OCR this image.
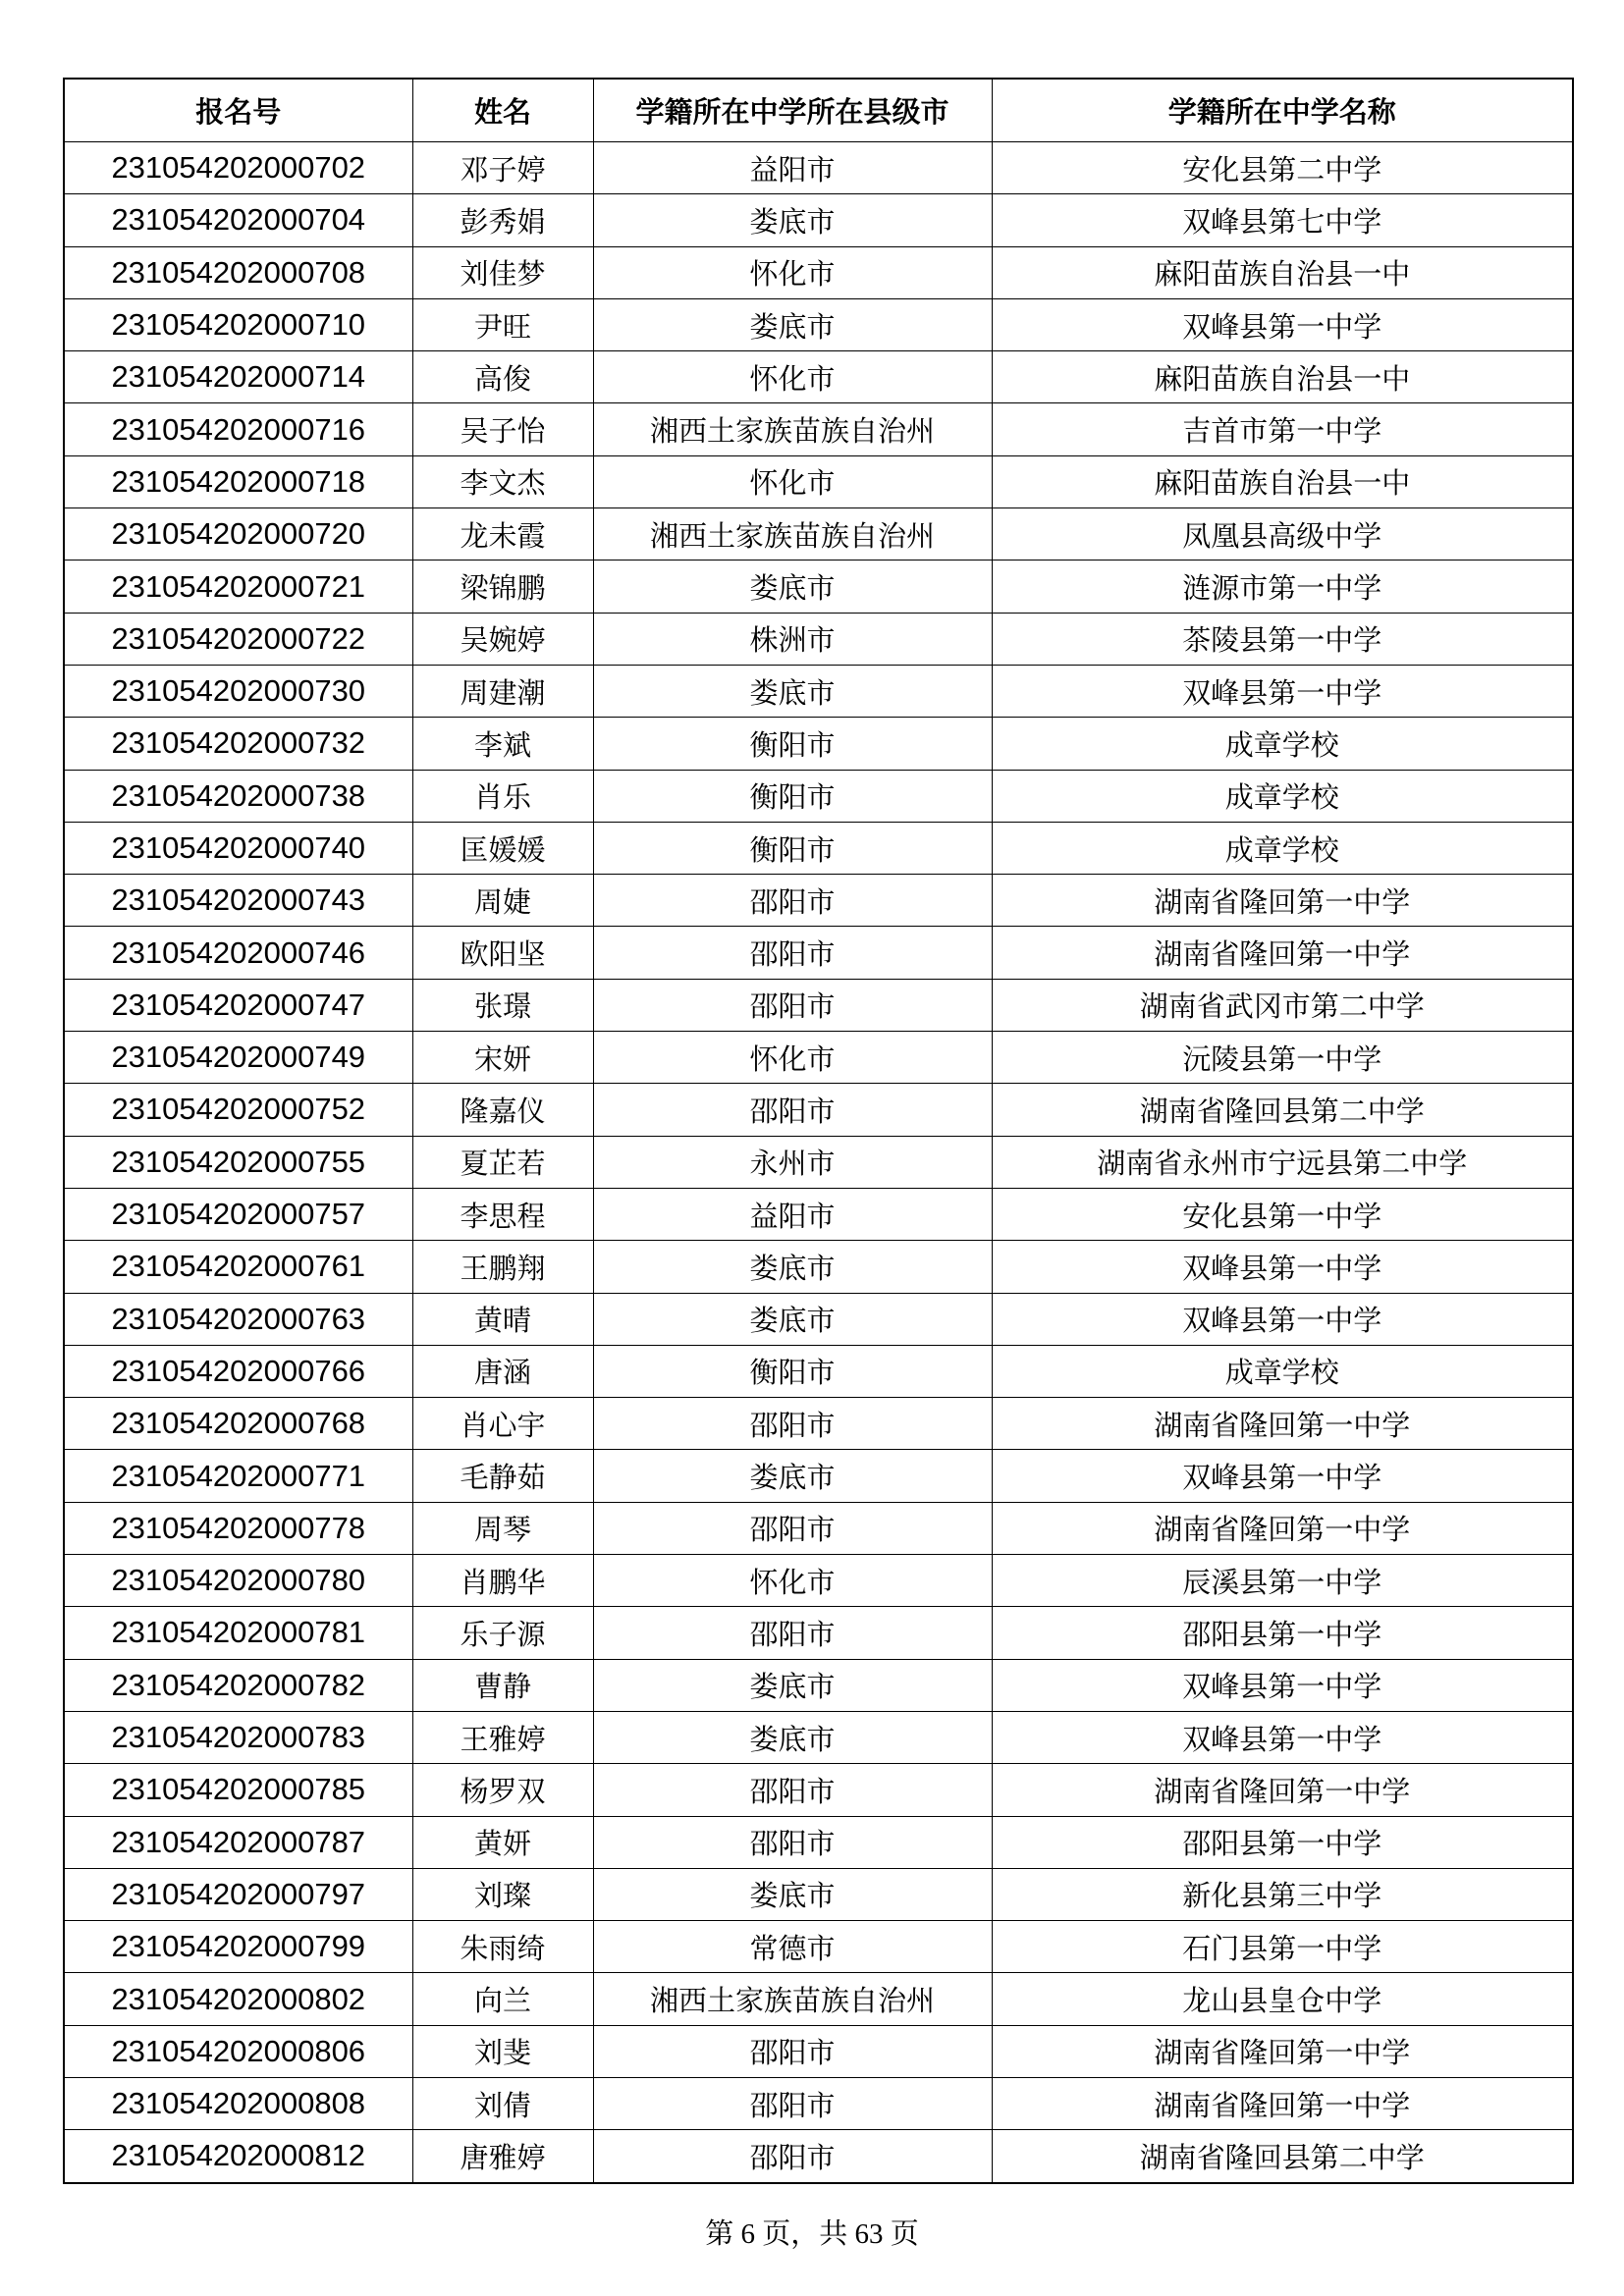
报名号	姓名	学籍所在中学所在县级市	学籍所在中学名称
231054202000702	邓子婷	益阳市	安化县第二中学
231054202000704	彭秀娟	娄底市	双峰县第七中学
231054202000708	刘佳梦	怀化市	麻阳苗族自治县一中
231054202000710	尹旺	娄底市	双峰县第一中学
231054202000714	高俊	怀化市	麻阳苗族自治县一中
231054202000716	吴子怡	湘西土家族苗族自治州	吉首市第一中学
231054202000718	李文杰	怀化市	麻阳苗族自治县一中
231054202000720	龙未霞	湘西土家族苗族自治州	凤凰县高级中学
231054202000721	梁锦鹏	娄底市	涟源市第一中学
231054202000722	吴婉婷	株洲市	茶陵县第一中学
231054202000730	周建潮	娄底市	双峰县第一中学
231054202000732	李斌	衡阳市	成章学校
231054202000738	肖乐	衡阳市	成章学校
231054202000740	匡媛媛	衡阳市	成章学校
231054202000743	周婕	邵阳市	湖南省隆回第一中学
231054202000746	欧阳坚	邵阳市	湖南省隆回第一中学
231054202000747	张璟	邵阳市	湖南省武冈市第二中学
231054202000749	宋妍	怀化市	沅陵县第一中学
231054202000752	隆嘉仪	邵阳市	湖南省隆回县第二中学
231054202000755	夏芷若	永州市	湖南省永州市宁远县第二中学
231054202000757	李思程	益阳市	安化县第一中学
231054202000761	王鹏翔	娄底市	双峰县第一中学
231054202000763	黄晴	娄底市	双峰县第一中学
231054202000766	唐涵	衡阳市	成章学校
231054202000768	肖心宇	邵阳市	湖南省隆回第一中学
231054202000771	毛静茹	娄底市	双峰县第一中学
231054202000778	周琴	邵阳市	湖南省隆回第一中学
231054202000780	肖鹏华	怀化市	辰溪县第一中学
231054202000781	乐子源	邵阳市	邵阳县第一中学
231054202000782	曹静	娄底市	双峰县第一中学
231054202000783	王雅婷	娄底市	双峰县第一中学
231054202000785	杨罗双	邵阳市	湖南省隆回第一中学
231054202000787	黄妍	邵阳市	邵阳县第一中学
231054202000797	刘璨	娄底市	新化县第三中学
231054202000799	朱雨绮	常德市	石门县第一中学
231054202000802	向兰	湘西土家族苗族自治州	龙山县皇仓中学
231054202000806	刘斐	邵阳市	湖南省隆回第一中学
231054202000808	刘倩	邵阳市	湖南省隆回第一中学
231054202000812	唐雅婷	邵阳市	湖南省隆回县第二中学
第 6 页，共 63 页
